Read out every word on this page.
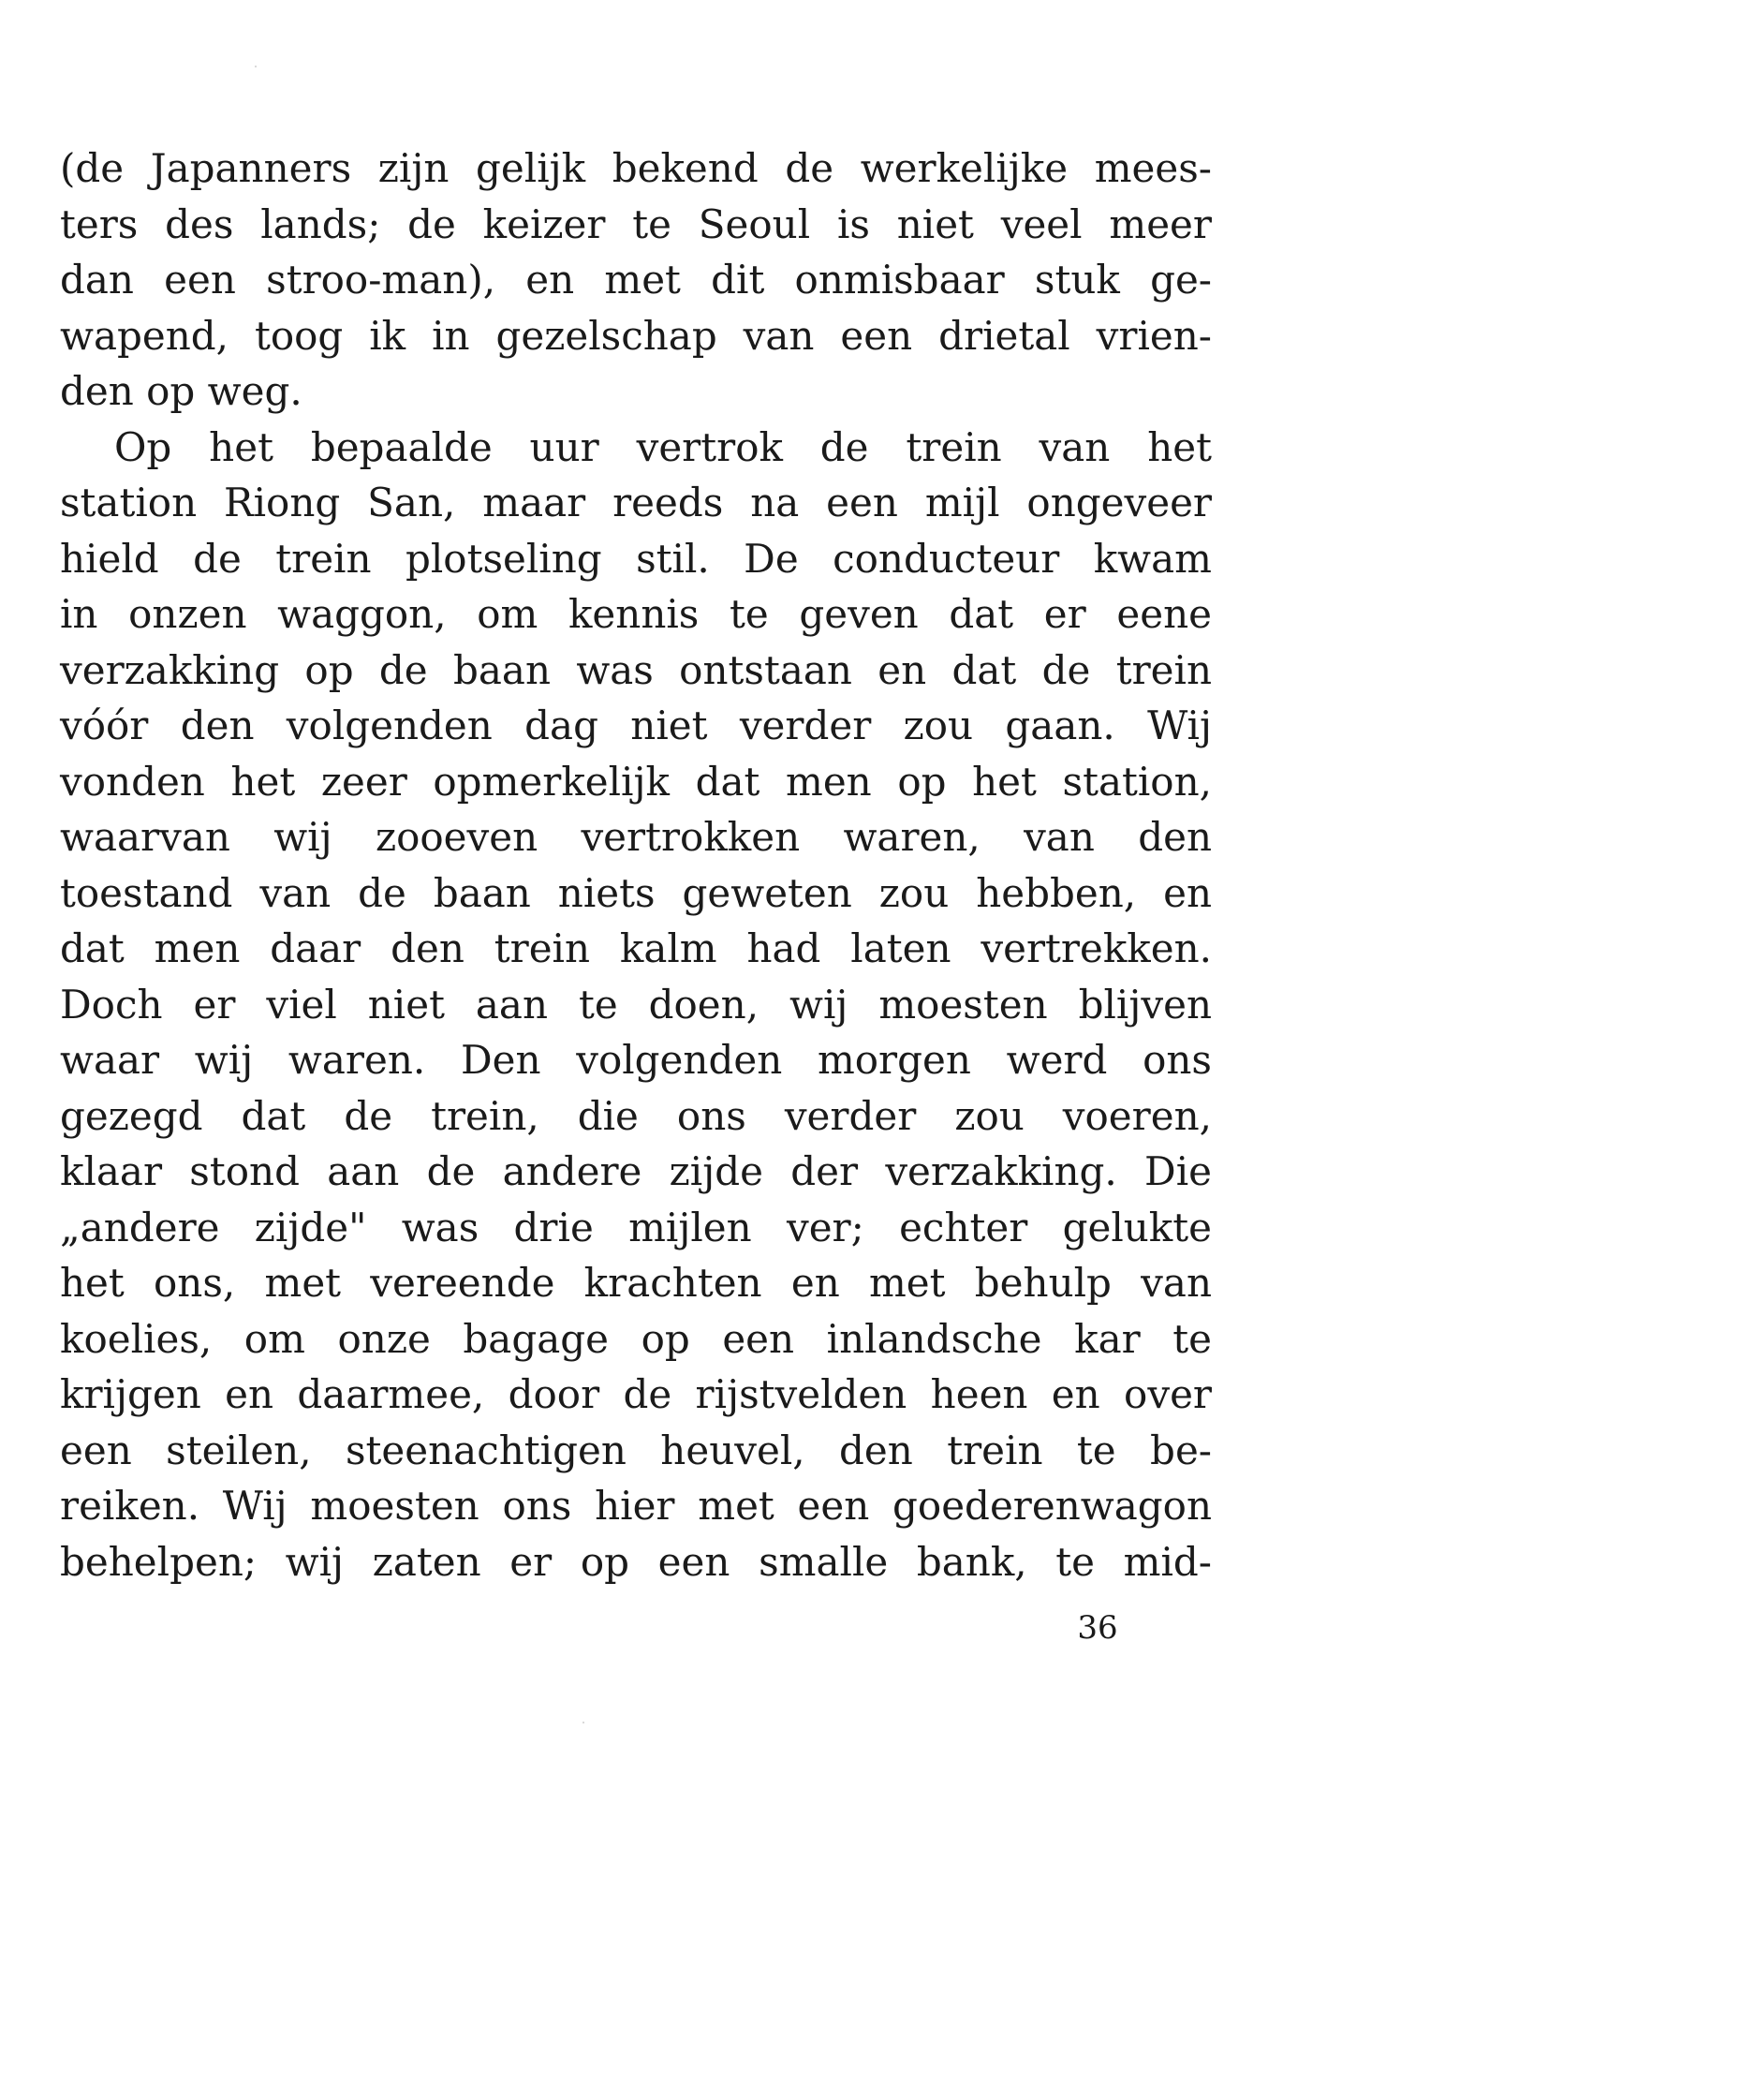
(de Japanners zijn gelijk bekend de werkelijke mees-
ters des lands; de keizer te Seoul is niet veel meer
dan een stroo-man), en met dit onmisbaar stuk ge-
wapend, toog ik in gezelschap van een drietal vrien-
den op weg.
Op het bepaalde uur vertrok de trein van het
station Riong San, maar reeds na een mijl ongeveer
hield de trein plotseling stil. De conducteur kwam
in onzen waggon, om kennis te geven dat er eene
verzakking op de baan was ontstaan en dat de trein
vóór den volgenden dag niet verder zou gaan. Wij
vonden het zeer opmerkelijk dat men op het station,
waarvan wij zooeven vertrokken waren, van den
toestand van de baan niets geweten zou hebben, en
dat men daar den trein kalm had laten vertrekken.
Doch er viel niet aan te doen, wij moesten blijven
waar wij waren. Den volgenden morgen werd ons
gezegd dat de trein, die ons verder zou voeren,
klaar stond aan de andere zijde der verzakking. Die
„andere zijde" was drie mijlen ver; echter gelukte
het ons, met vereende krachten en met behulp van
koelies, om onze bagage op een inlandsche kar te
krijgen en daarmee, door de rijstvelden heen en over
een steilen, steenachtigen heuvel, den trein te be-
reiken. Wij moesten ons hier met een goederenwagon
behelpen; wij zaten er op een smalle bank, te mid-
36
